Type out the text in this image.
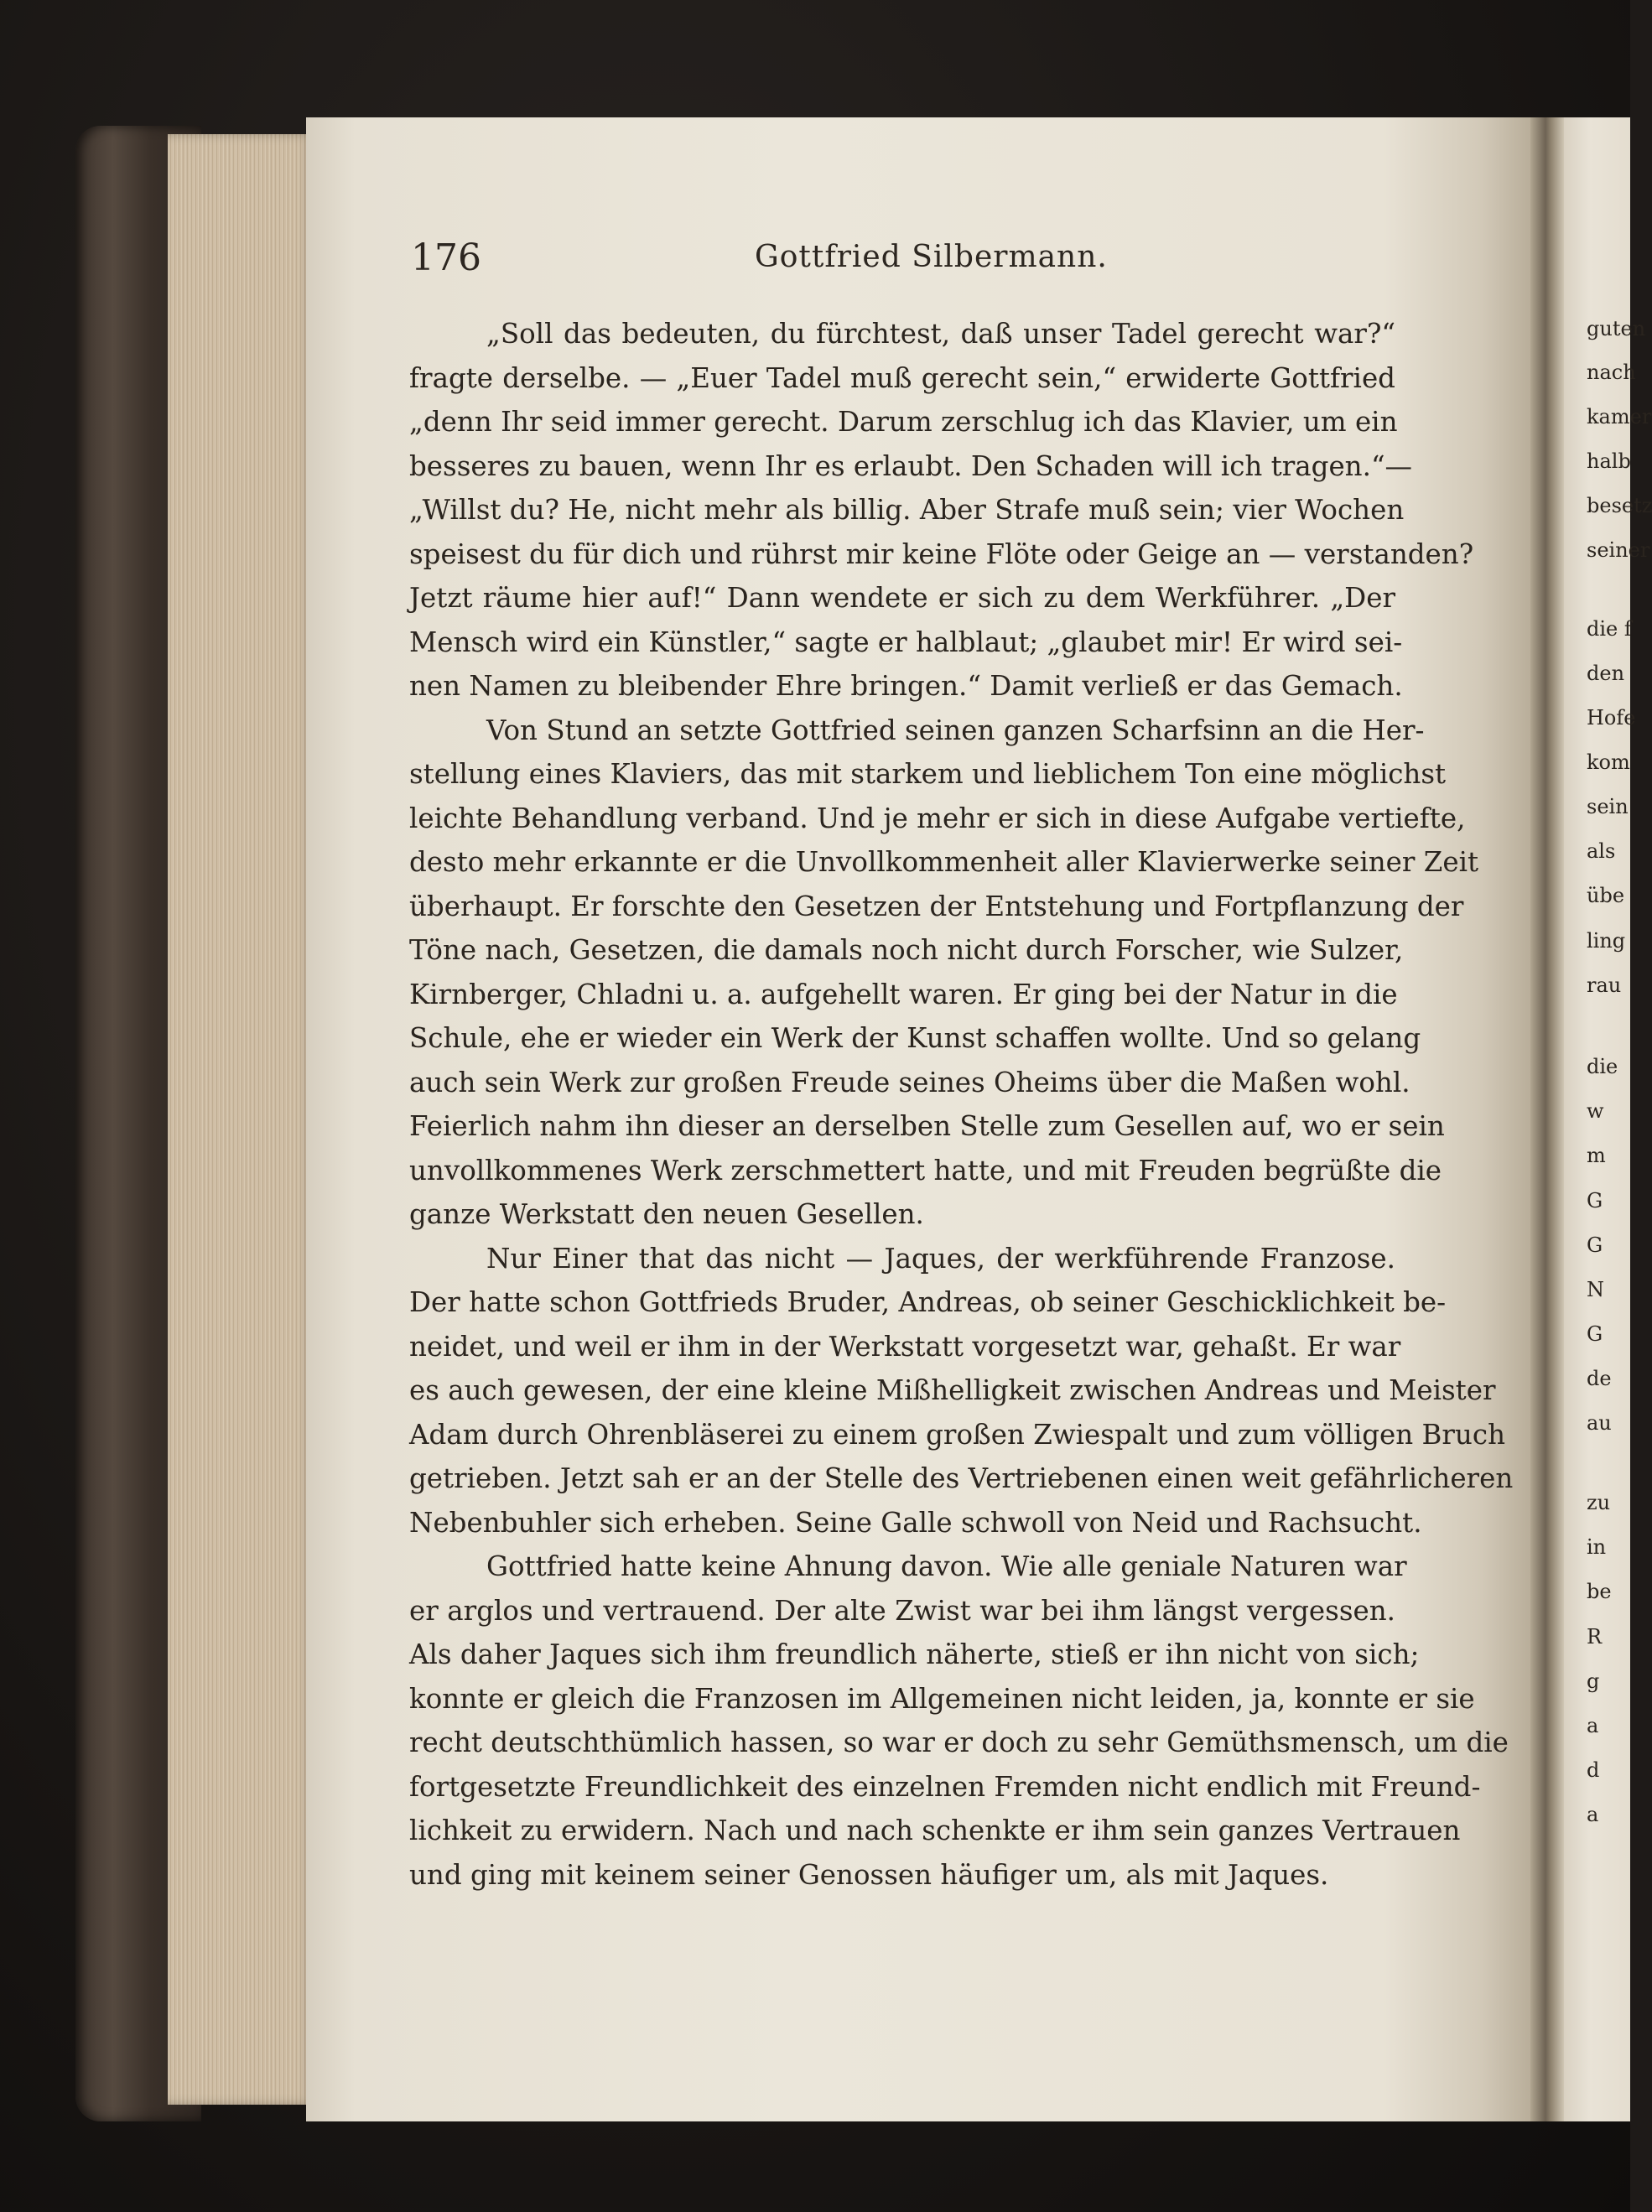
176	Gottfried Silbermann.
„Soll das bedeuten, du fürchtest, daß unser Tadel gerecht war?“
fragte derselbe. — „Euer Tadel muß gerecht sein,“ erwiderte Gottfried
„denn Ihr seid immer gerecht. Darum zerschlug ich das Klavier, um ein
besseres zu bauen, wenn Ihr es erlaubt. Den Schaden will ich tragen.“—
„Willst du? He, nicht mehr als billig. Aber Strafe muß sein; vier Wochen
speisest du für dich und rührst mir keine Flöte oder Geige an — verstanden?
Jetzt räume hier auf!“ Dann wendete er sich zu dem Werkführer. „Der
Mensch wird ein Künstler,“ sagte er halblaut; „glaubet mir! Er wird sei-
nen Namen zu bleibender Ehre bringen.“ Damit verließ er das Gemach.
Von Stund an setzte Gottfried seinen ganzen Scharfsinn an die Her-
stellung eines Klaviers, das mit starkem und lieblichem Ton eine möglichst
leichte Behandlung verband. Und je mehr er sich in diese Aufgabe vertiefte,
desto mehr erkannte er die Unvollkommenheit aller Klavierwerke seiner Zeit
überhaupt. Er forschte den Gesetzen der Entstehung und Fortpflanzung der
Töne nach, Gesetzen, die damals noch nicht durch Forscher, wie Sulzer,
Kirnberger, Chladni u. a. aufgehellt waren. Er ging bei der Natur in die
Schule, ehe er wieder ein Werk der Kunst schaffen wollte. Und so gelang
auch sein Werk zur großen Freude seines Oheims über die Maßen wohl.
Feierlich nahm ihn dieser an derselben Stelle zum Gesellen auf, wo er sein
unvollkommenes Werk zerschmettert hatte, und mit Freuden begrüßte die
ganze Werkstatt den neuen Gesellen.
Nur Einer that das nicht — Jaques, der werkführende Franzose.
Der hatte schon Gottfrieds Bruder, Andreas, ob seiner Geschicklichkeit be-
neidet, und weil er ihm in der Werkstatt vorgesetzt war, gehaßt. Er war
es auch gewesen, der eine kleine Mißhelligkeit zwischen Andreas und Meister
Adam durch Ohrenbläserei zu einem großen Zwiespalt und zum völligen Bruch
getrieben. Jetzt sah er an der Stelle des Vertriebenen einen weit gefährlicheren
Nebenbuhler sich erheben. Seine Galle schwoll von Neid und Rachsucht.
Gottfried hatte keine Ahnung davon. Wie alle geniale Naturen war
er arglos und vertrauend. Der alte Zwist war bei ihm längst vergessen.
Als daher Jaques sich ihm freundlich näherte, stieß er ihn nicht von sich;
konnte er gleich die Franzosen im Allgemeinen nicht leiden, ja, konnte er sie
recht deutschthümlich hassen, so war er doch zu sehr Gemüthsmensch, um die
fortgesetzte Freundlichkeit des einzelnen Fremden nicht endlich mit Freund-
lichkeit zu erwidern. Nach und nach schenkte er ihm sein ganzes Vertrauen
und ging mit keinem seiner Genossen häufiger um, als mit Jaques.
guten
nach
kamer
halb
besetz
seiner
die f
den
Hofe
kom
sein
als
übe
ling
rau
die
w
m
G
G
N
G
de
au
zu
in
be
R
g
a
d
a
